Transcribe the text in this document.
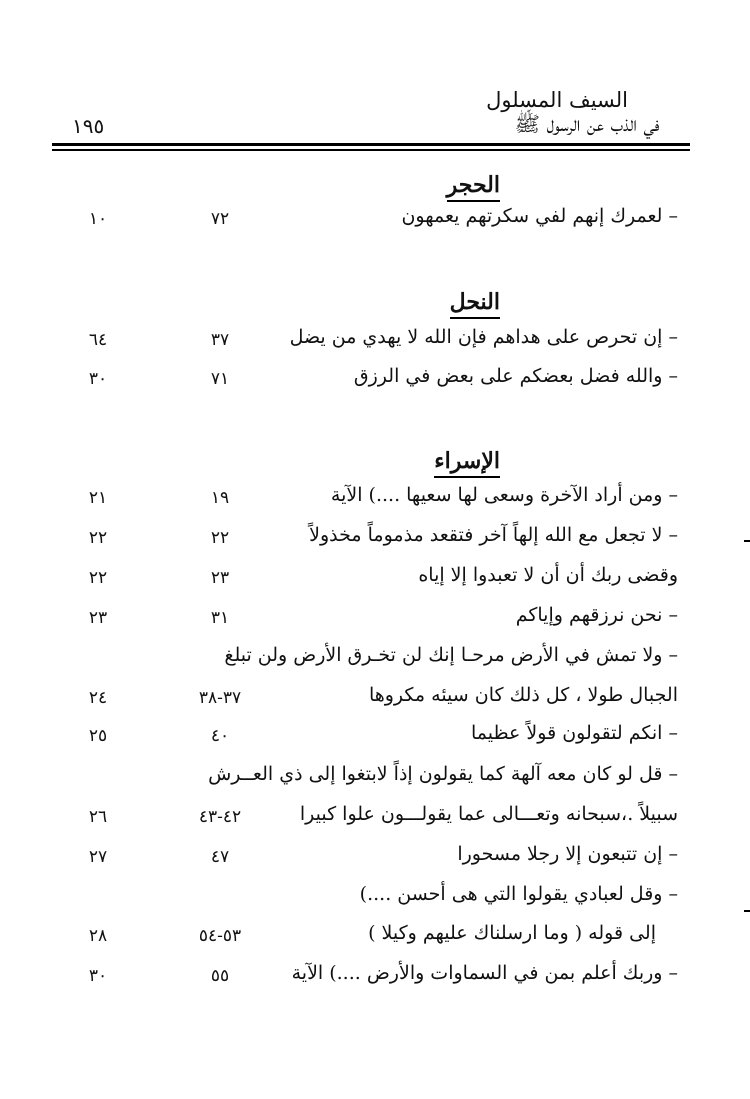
السيف المسلول
في الذب عن الرسول ﷺ
١٩٥
الحجر
– لعمرك إنهم لفي سكرتهم يعمهون
٧٢
١٠
النحل
– إن تحرص على هداهم فإن الله لا يهدي من يضل
٣٧
٦٤
– والله فضل بعضكم على بعض في الرزق
٧١
٣٠
الإسراء
– ومن أراد الآخرة وسعى لها سعيها ....) الآية
١٩
٢١
– لا تجعل مع الله إلهاً آخر فتقعد مذموماً مخذولاً
٢٢
٢٢
وقضى ربك أن أن لا تعبدوا إلا إياه
٢٣
٢٢
– نحن نرزقهم وإياكم
٣١
٢٣
– ولا تمش في الأرض مرحـا إنك لن تخـرق الأرض ولن تبلغ
الجبال طولا ، كل ذلك كان سيئه مكروها
٣٧-٣٨
٢٤
– انكم لتقولون قولاً عظيما
٤٠
٢٥
– قل لو كان معه آلهة كما يقولون إذاً لابتغوا إلى ذي العــرش
سبيلاً .،سبحانه وتعـــالى عما يقولـــون علوا كبيرا
٤٢-٤٣
٢٦
– إن تتبعون إلا رجلا مسحورا
٤٧
٢٧
– وقل لعبادي يقولوا التي هى أحسن ....)
إلى قوله ( وما ارسلناك عليهم وكيلا )
٥٣-٥٤
٢٨
– وربك أعلم بمن في السماوات والأرض ....) الآية
٥٥
٣٠
